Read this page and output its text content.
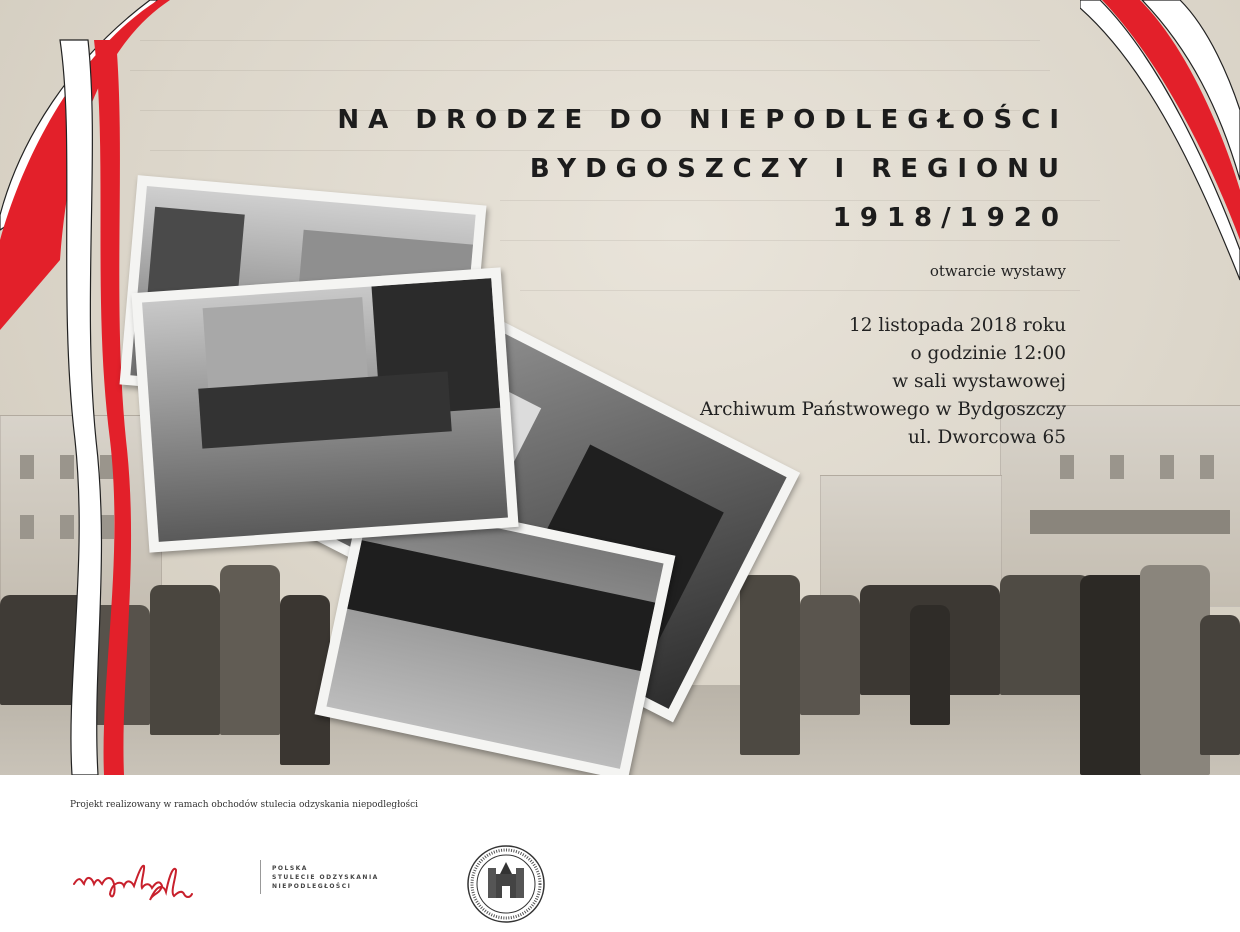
NA DRODZE DO NIEPODLEGŁOŚCI
BYDGOSZCZY I REGIONU
1918/1920
otwarcie wystawy
12 listopada 2018 roku
o godzinie 12:00
w sali wystawowej
Archiwum Państwowego w Bydgoszczy
ul. Dworcowa 65
Projekt realizowany w ramach obchodów stulecia odzyskania niepodległości
POLSKA
STULECIE ODZYSKANIA
NIEPODLEGŁOŚCI
